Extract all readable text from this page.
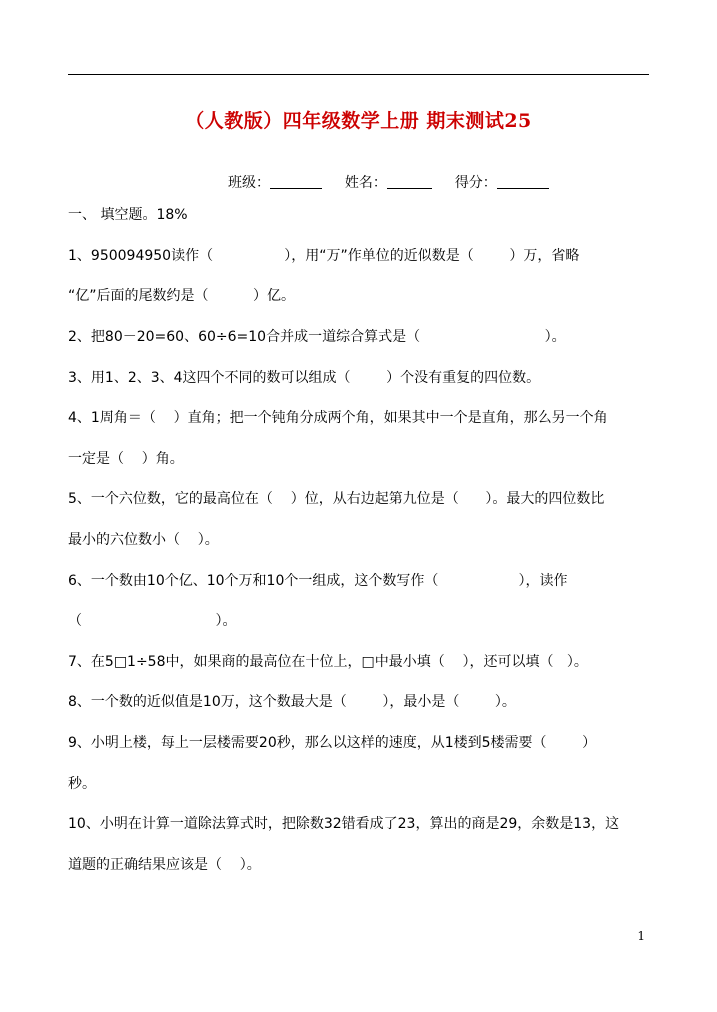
（人教版）四年级数学上册 期末测试25
班级：	姓名：	得分：
一、 填空题。18%
1、950094950读作（                ），用“万”作单位的近似数是（        ）万，省略
“亿”后面的尾数约是（          ）亿。
2、把80－20=60、60÷6=10合并成一道综合算式是（                            ）。
3、用1、2、3、4这四个不同的数可以组成（        ）个没有重复的四位数。
4、1周角＝（    ）直角；把一个钝角分成两个角，如果其中一个是直角，那么另一个角
一定是（    ）角。
5、一个六位数，它的最高位在（    ）位，从右边起第九位是（      ）。最大的四位数比
最小的六位数小（    ）。
6、一个数由10个亿、10个万和10个一组成，这个数写作（                  ），读作
（                              ）。
7、在5□1÷58中，如果商的最高位在十位上，□中最小填（    ），还可以填（   ）。
8、一个数的近似值是10万，这个数最大是（        ），最小是（        ）。
9、小明上楼，每上一层楼需要20秒，那么以这样的速度，从1楼到5楼需要（        ）
秒。
10、小明在计算一道除法算式时，把除数32错看成了23，算出的商是29，余数是13，这
道题的正确结果应该是（    ）。
1
